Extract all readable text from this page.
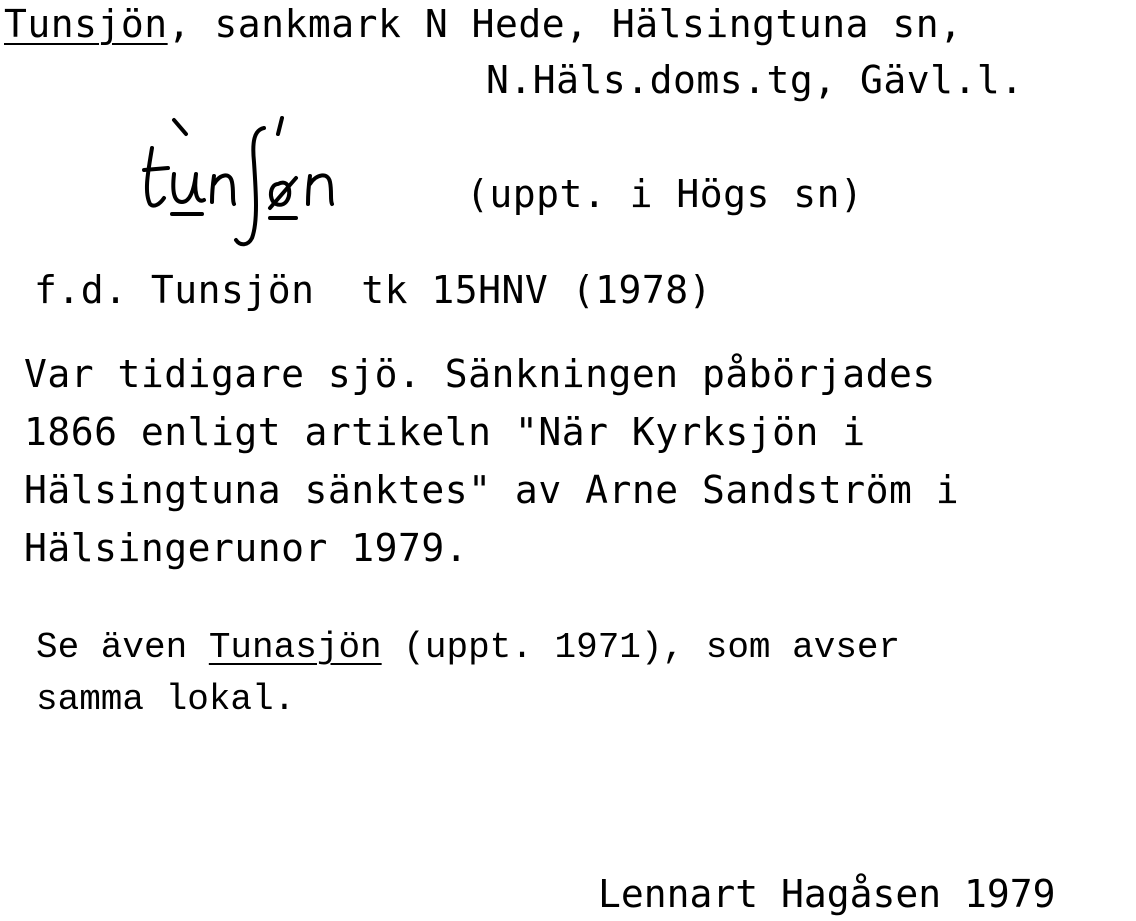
Tunsjön, sankmark N Hede, Hälsingtuna sn,
N.Häls.doms.tg, Gävl.l.
(uppt. i Högs sn)
f.d. Tunsjön  tk 15HNV (1978)
Var tidigare sjö. Sänkningen påbörjades
1866 enligt artikeln "När Kyrksjön i
Hälsingtuna sänktes" av Arne Sandström i
Hälsingerunor 1979.
Se även Tunasjön (uppt. 1971), som avser
samma lokal.
Lennart Hagåsen 1979
